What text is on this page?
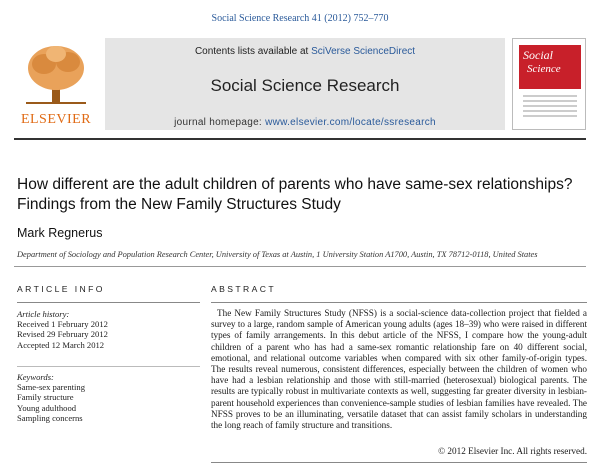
Social Science Research 41 (2012) 752–770
ELSEVIER
Contents lists available at SciVerse ScienceDirect
Social Science Research
journal homepage: www.elsevier.com/locate/ssresearch
Social
Science
How different are the adult children of parents who have same-sex relationships? Findings from the New Family Structures Study
Mark Regnerus
Department of Sociology and Population Research Center, University of Texas at Austin, 1 University Station A1700, Austin, TX 78712-0118, United States
ARTICLE INFO
Article history:
Received 1 February 2012
Revised 29 February 2012
Accepted 12 March 2012
Keywords:
Same-sex parenting
Family structure
Young adulthood
Sampling concerns
ABSTRACT
The New Family Structures Study (NFSS) is a social-science data-collection project that fielded a survey to a large, random sample of American young adults (ages 18–39) who were raised in different types of family arrangements. In this debut article of the NFSS, I compare how the young-adult children of a parent who has had a same-sex romantic relationship fare on 40 different social, emotional, and relational outcome variables when compared with six other family-of-origin types. The results reveal numerous, consistent differences, especially between the children of women who have had a lesbian relationship and those with still-married (heterosexual) biological parents. The results are typically robust in multivariate contexts as well, suggesting far greater diversity in lesbian-parent household experiences than convenience-sample studies of lesbian families have revealed. The NFSS proves to be an illuminating, versatile dataset that can assist family scholars in understanding the long reach of family structure and transitions.
© 2012 Elsevier Inc. All rights reserved.
